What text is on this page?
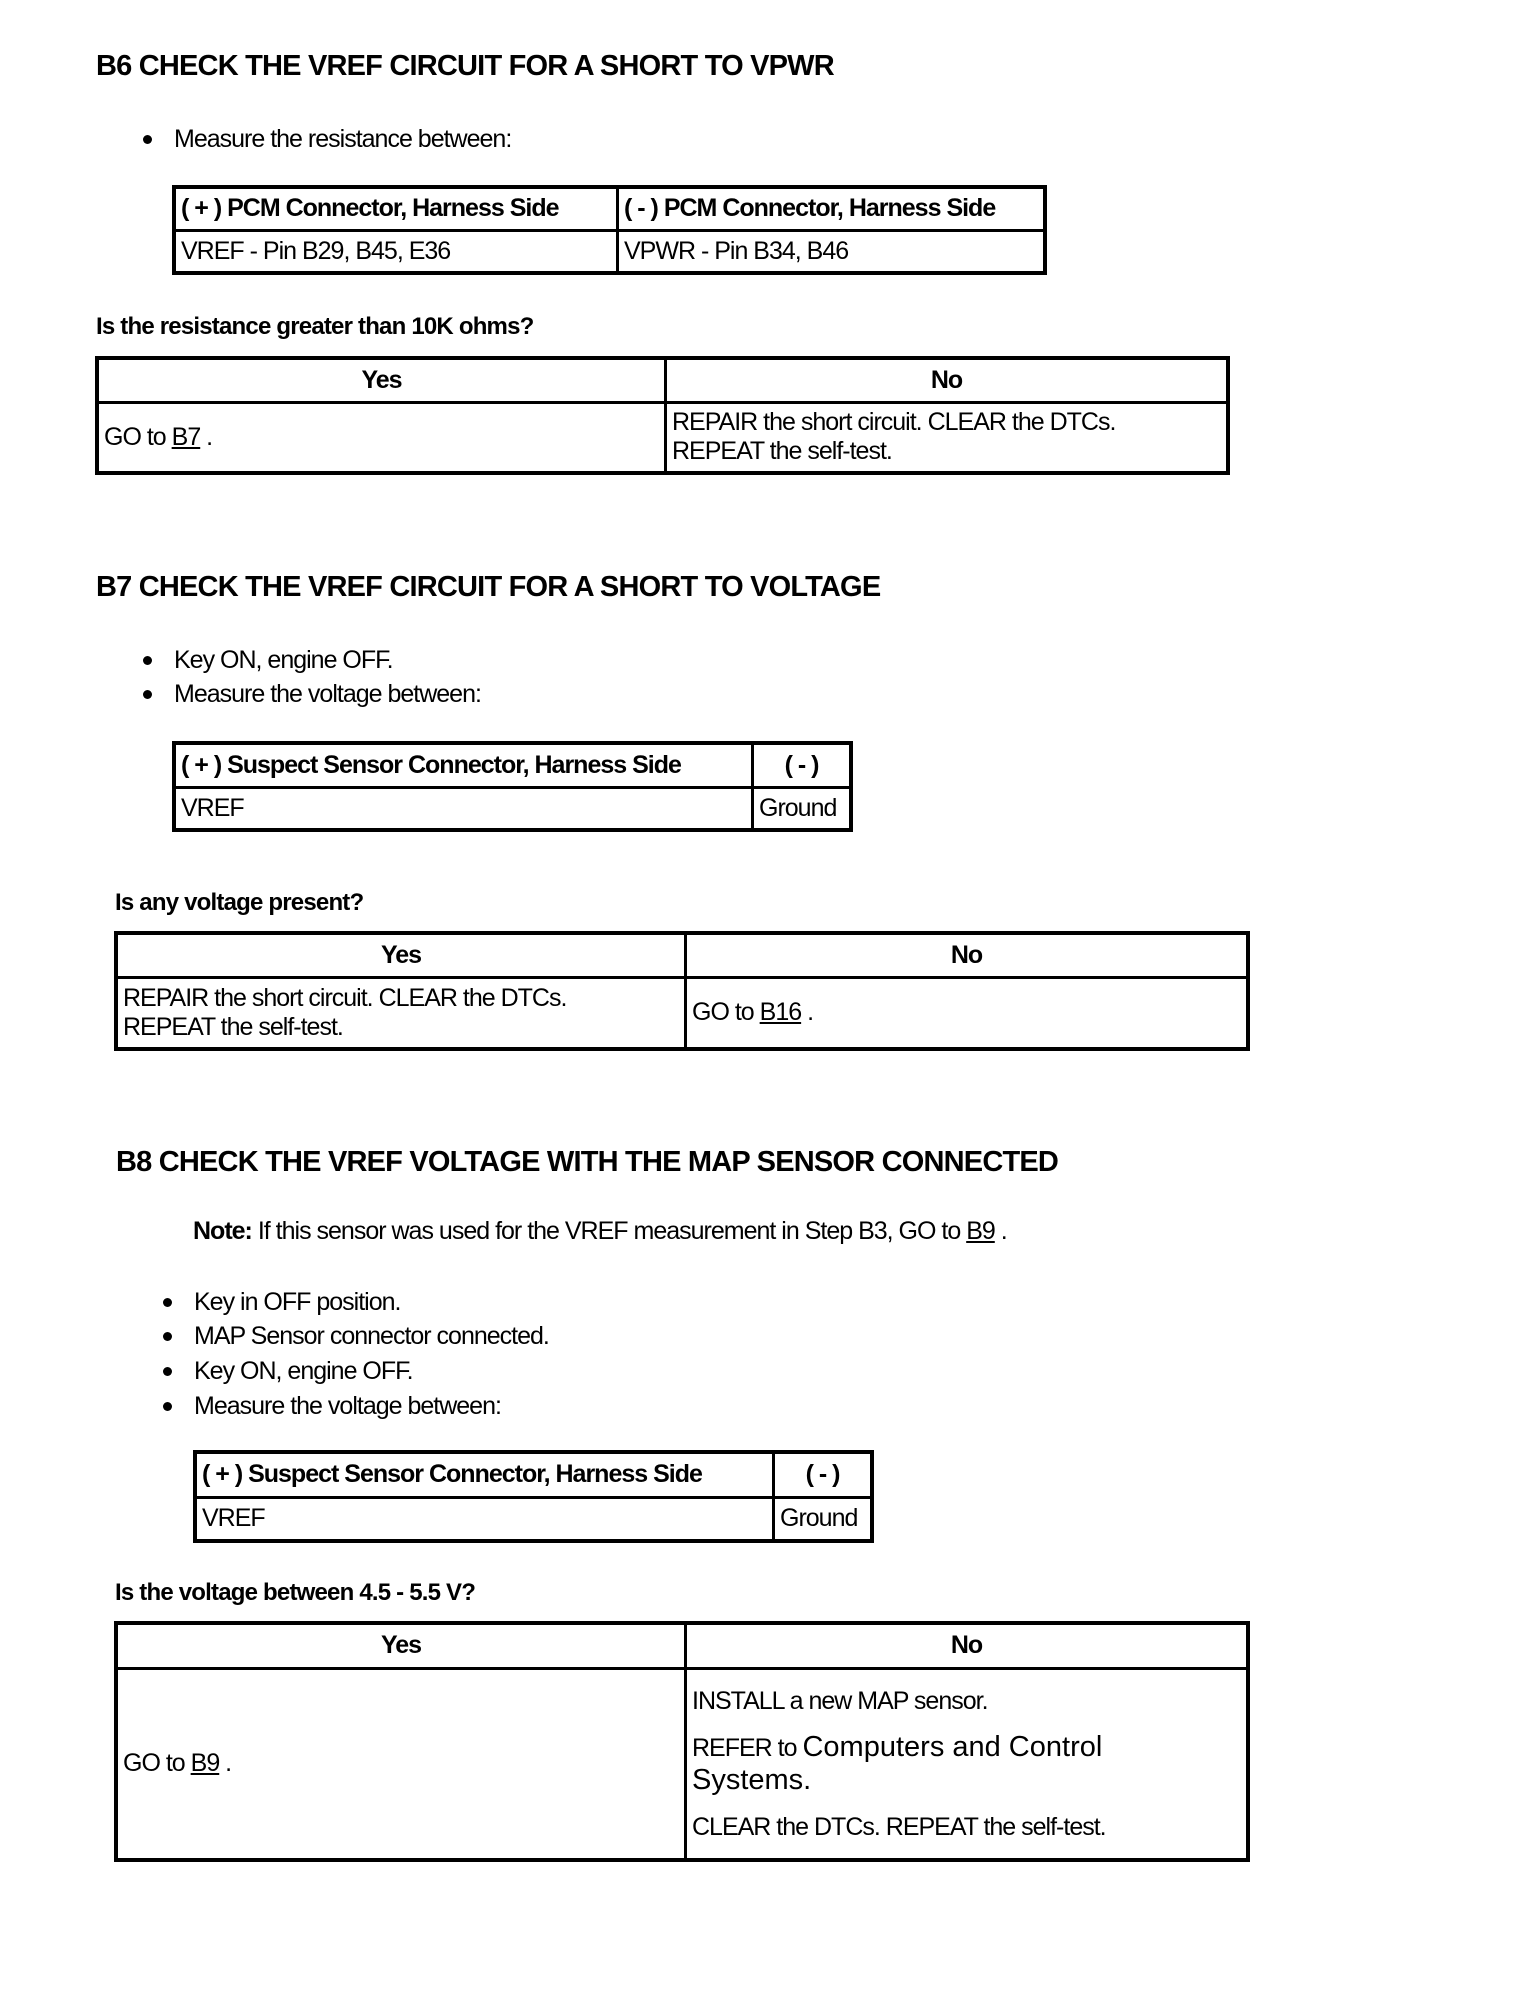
B6 CHECK THE VREF CIRCUIT FOR A SHORT TO VPWR
Measure the resistance between:
( + ) PCM Connector, Harness Side	( - ) PCM Connector, Harness Side
VREF - Pin B29, B45, E36	VPWR - Pin B34, B46
Is the resistance greater than 10K ohms?
Yes	No
GO to B7 .	REPAIR the short circuit. CLEAR the DTCs.
REPEAT the self-test.
B7 CHECK THE VREF CIRCUIT FOR A SHORT TO VOLTAGE
Key ON, engine OFF.
Measure the voltage between:
( + ) Suspect Sensor Connector, Harness Side	( - )
VREF	Ground
Is any voltage present?
Yes	No

REPAIR the short circuit. CLEAR the DTCs.
REPEAT the self-test.	GO to B16 .
B8 CHECK THE VREF VOLTAGE WITH THE MAP SENSOR CONNECTED
Note: If this sensor was used for the VREF measurement in Step B3, GO to B9 .
Key in OFF position.
MAP Sensor connector connected.
Key ON, engine OFF.
Measure the voltage between:
( + ) Suspect Sensor Connector, Harness Side	( - )
VREF	Ground
Is the voltage between 4.5 - 5.5 V?
Yes	No
GO to B9 .	INSTALL a new MAP sensor.
REFER to Computers and Control Systems.
CLEAR the DTCs. REPEAT the self-test.
